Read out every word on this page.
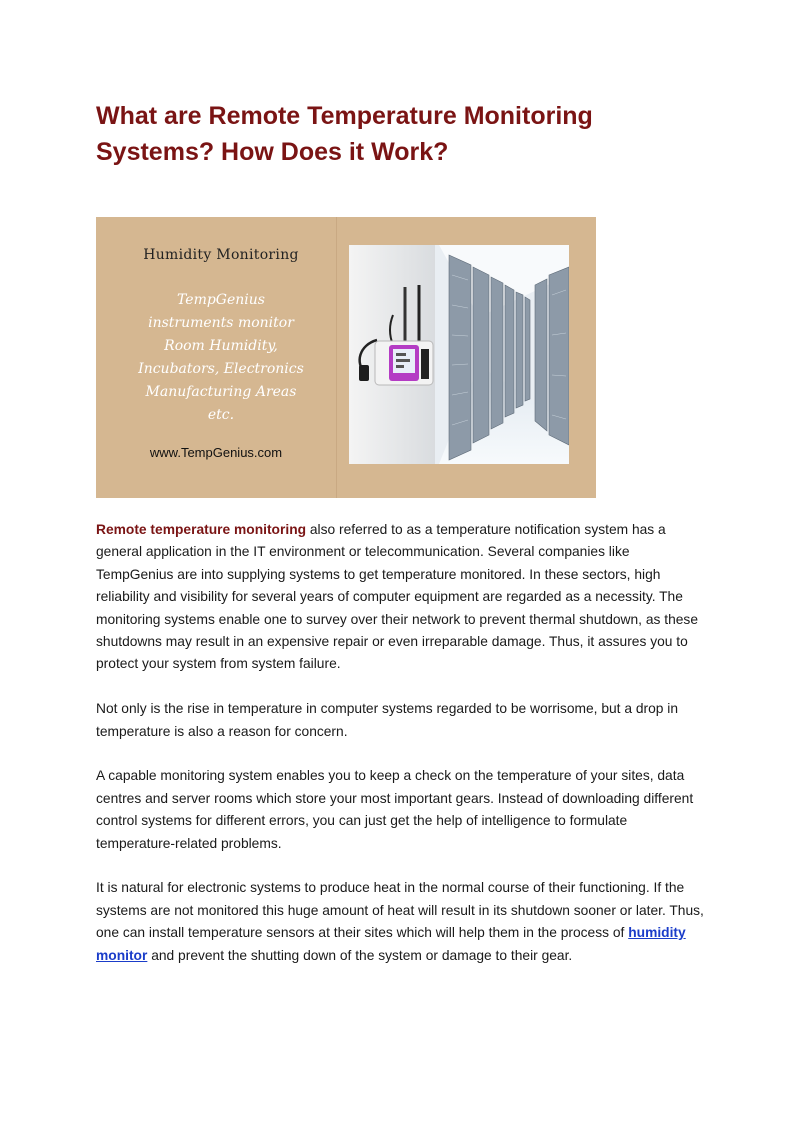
What are Remote Temperature Monitoring Systems? How Does it Work?
Humidity Monitoring
TempGenius
instruments monitor
Room Humidity,
Incubators, Electronics
Manufacturing Areas
etc.
www.TempGenius.com

Remote temperature monitoring also referred to as a temperature notification system has a general application in the IT environment or telecommunication. Several companies like TempGenius are into supplying systems to get temperature monitored. In these sectors, high reliability and visibility for several years of computer equipment are regarded as a necessity. The monitoring systems enable one to survey over their network to prevent thermal shutdown, as these shutdowns may result in an expensive repair or even irreparable damage. Thus, it assures you to protect your system from system failure.

Not only is the rise in temperature in computer systems regarded to be worrisome, but a drop in temperature is also a reason for concern.

A capable monitoring system enables you to keep a check on the temperature of your sites, data centres and server rooms which store your most important gears. Instead of downloading different control systems for different errors, you can just get the help of intelligence to formulate temperature-related problems.

It is natural for electronic systems to produce heat in the normal course of their functioning. If the systems are not monitored this huge amount of heat will result in its shutdown sooner or later. Thus, one can install temperature sensors at their sites which will help them in the process of humidity monitor and prevent the shutting down of the system or damage to their gear.
